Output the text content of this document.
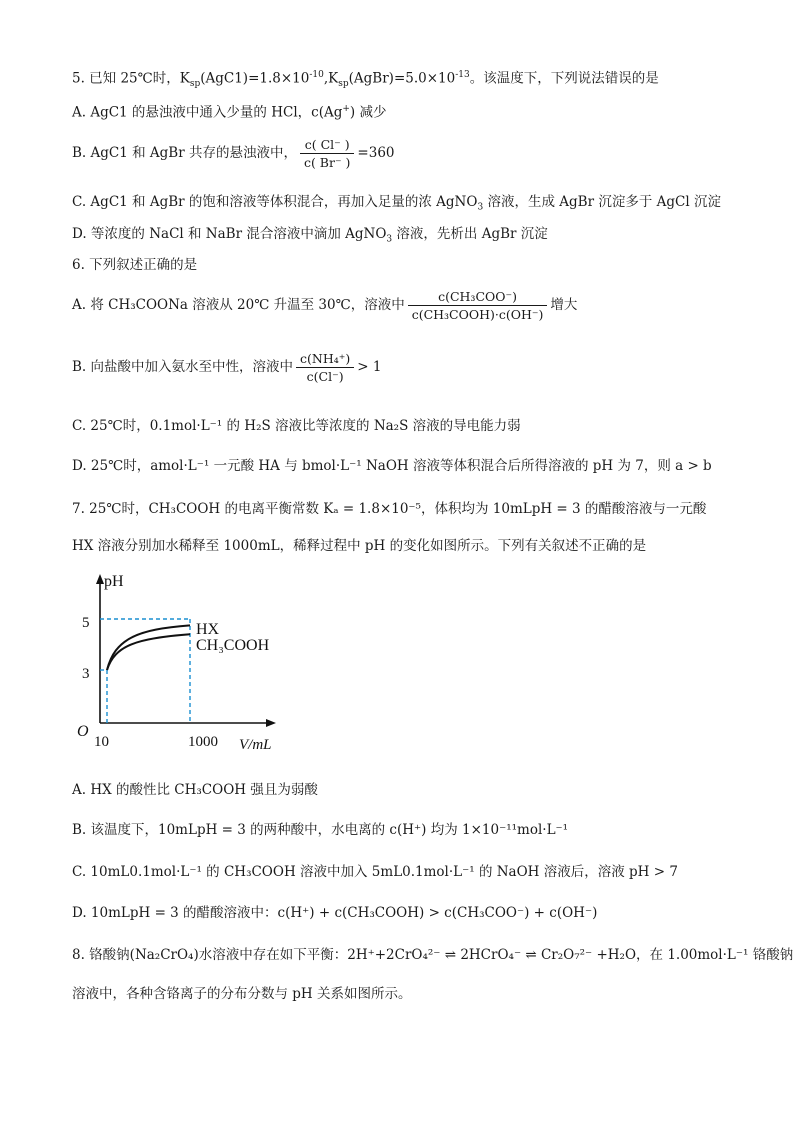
5. 已知 25℃时，$K_{sp}(AgC1)=1.8\times 10^{-10},K_{sp}(AgBr)=5.0\times 10^{-13}$。该温度下，下列说法错误的是
A. AgC1 的悬浊液中通入少量的 HCl，c(Ag+) 减少
B. AgC1 和 AgBr 共存的悬浊液中， $\frac{c( Cl^- )}{c( Br^- )} =360$
C. AgC1 和 AgBr 的饱和溶液等体积混合，再加入足量的浓 AgNO$_3$ 溶液，生成 AgBr 沉淀多于 AgCl 沉淀
D. 等浓度的 NaCl 和 NaBr 混合溶液中滴加 AgNO$_3$ 溶液，先析出 AgBr 沉淀
6. 下列叙述正确的是
A. 将 CH₃COONa 溶液从 20℃ 升温至 30℃，溶液中 $\frac{\text{c(CH₃COO⁻)}}{\text{c(CH₃COOH)·c(OH⁻)}}$ 增大
B. 向盐酸中加入氨水至中性，溶液中 $\frac{\text{c(NH₄⁺)}}{c(Cl^-)} > 1$
C. 25℃时，0.1mol·L⁻¹ 的 H₂S 溶液比等浓度的 Na₂S 溶液的导电能力弱
D. 25℃时，amol·L⁻¹ 一元酸 HA 与 bmol·L⁻¹ NaOH 溶液等体积混合后所得溶液的 pH 为 7，则 a > b
7. 25℃时，CH₃COOH 的电离平衡常数 Kₐ = 1.8×10⁻⁵，体积均为 10mLpH = 3 的醋酸溶液与一元酸
HX 溶液分别加水稀释至 1000mL，稀释过程中 pH 的变化如图所示。下列有关叙述不正确的是
pH
O
10	1000 V/mL
3
5	HX
CH₃COOH
A. HX 的酸性比 CH₃COOH 强且为弱酸
B. 该温度下，10mLpH = 3 的两种酸中，水电离的 c(H⁺) 均为 1×10⁻¹¹mol·L⁻¹
C. 10mL0.1mol·L⁻¹ 的 CH₃COOH 溶液中加入 5mL0.1mol·L⁻¹ 的 NaOH 溶液后，溶液 pH > 7
D. 10mLpH = 3 的醋酸溶液中：c(H⁺) + c(CH₃COOH) > c(CH₃COO⁻) + c(OH⁻)
8. 铬酸钠(Na₂CrO₄)水溶液中存在如下平衡：2H⁺+2CrO₄²⁻ ⇌ 2HCrO₄⁻ ⇌ Cr₂O₇²⁻ +H₂O，在 1.00mol·L⁻¹ 铬酸钠
溶液中，各种含铬离子的分布分数与 pH 关系如图所示。
